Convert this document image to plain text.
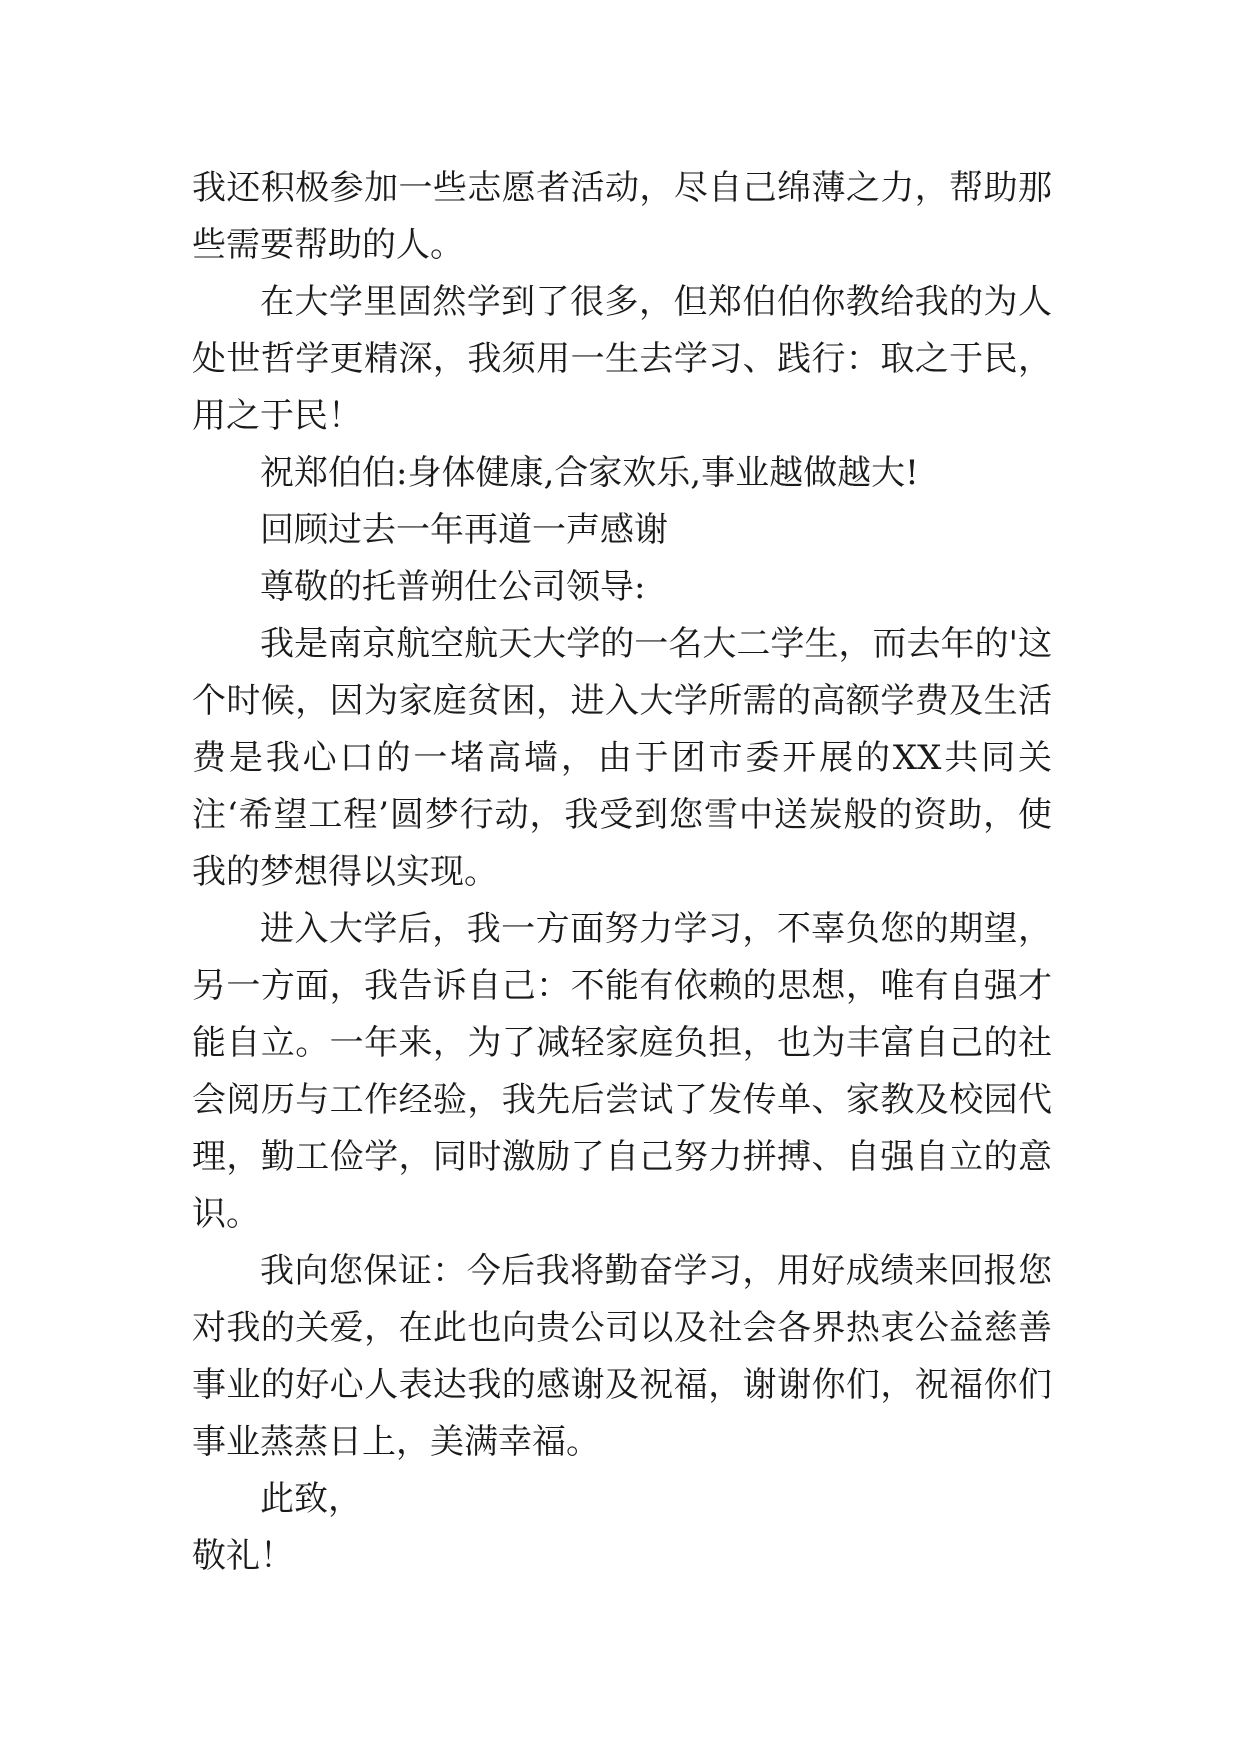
我还积极参加一些志愿者活动，尽自己绵薄之力，帮助那些需要帮助的人。

在大学里固然学到了很多，但郑伯伯你教给我的为人处世哲学更精深，我须用一生去学习、践行：取之于民，用之于民！

祝郑伯伯:身体健康,合家欢乐,事业越做越大!

回顾过去一年再道一声感谢

尊敬的托普朔仕公司领导:

我是南京航空航天大学的一名大二学生，而去年的'这个时候，因为家庭贫困，进入大学所需的高额学费及生活费是我心口的一堵高墙，由于团市委开展的XX共同关注‘希望工程’圆梦行动，我受到您雪中送炭般的资助，使我的梦想得以实现。

进入大学后，我一方面努力学习，不辜负您的期望，另一方面，我告诉自己：不能有依赖的思想，唯有自强才能自立。一年来，为了减轻家庭负担，也为丰富自己的社会阅历与工作经验，我先后尝试了发传单、家教及校园代理，勤工俭学，同时激励了自己努力拼搏、自强自立的意识。

我向您保证：今后我将勤奋学习，用好成绩来回报您对我的关爱，在此也向贵公司以及社会各界热衷公益慈善事业的好心人表达我的感谢及祝福，谢谢你们，祝福你们事业蒸蒸日上，美满幸福。

此致，

敬礼！
